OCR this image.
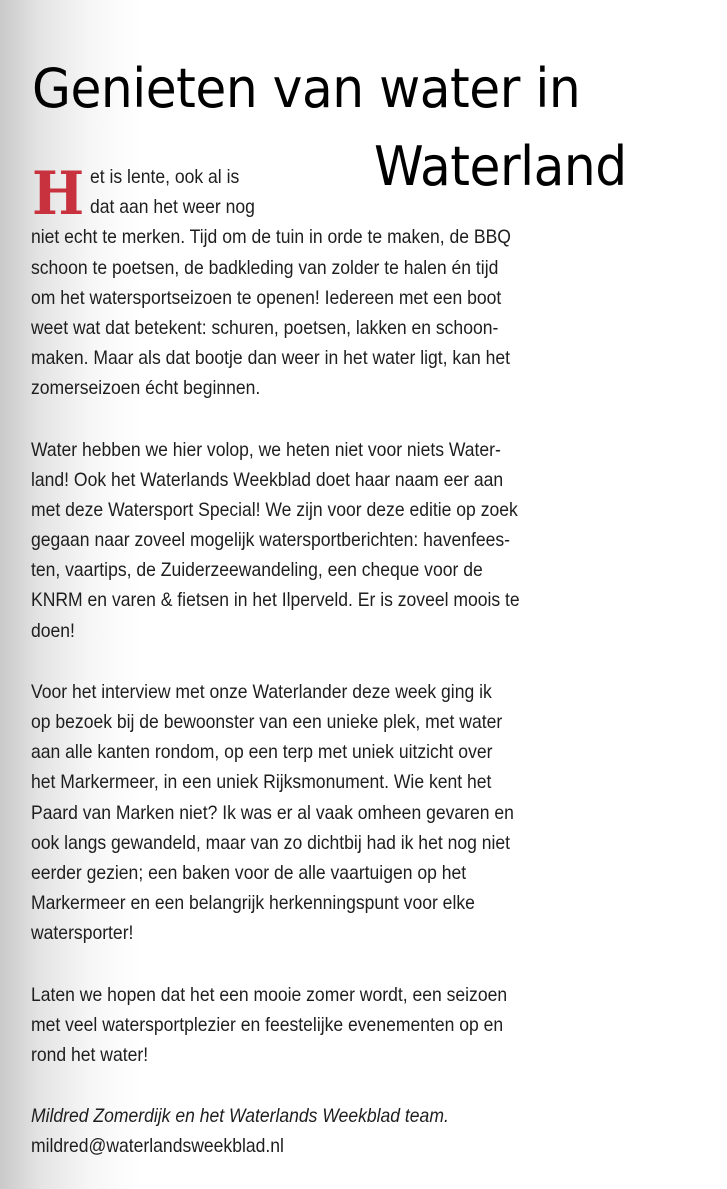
Genieten van water in
Waterland
H et is lente, ook al is
dat aan het weer nog
niet echt te merken. Tijd om de tuin in orde te maken, de BBQ
schoon te poetsen, de badkleding van zolder te halen én tijd
om het watersportseizoen te openen! Iedereen met een boot
weet wat dat betekent: schuren, poetsen, lakken en schoon-
maken. Maar als dat bootje dan weer in het water ligt, kan het
zomerseizoen écht beginnen.
Water hebben we hier volop, we heten niet voor niets Water-
land! Ook het Waterlands Weekblad doet haar naam eer aan
met deze Watersport Special! We zijn voor deze editie op zoek
gegaan naar zoveel mogelijk watersportberichten: havenfees-
ten, vaartips, de Zuiderzeewandeling, een cheque voor de
KNRM en varen & fietsen in het Ilperveld. Er is zoveel moois te
doen!
Voor het interview met onze Waterlander deze week ging ik
op bezoek bij de bewoonster van een unieke plek, met water
aan alle kanten rondom, op een terp met uniek uitzicht over
het Markermeer, in een uniek Rijksmonument. Wie kent het
Paard van Marken niet? Ik was er al vaak omheen gevaren en
ook langs gewandeld, maar van zo dichtbij had ik het nog niet
eerder gezien; een baken voor de alle vaartuigen op het
Markermeer en een belangrijk herkenningspunt voor elke
watersporter!
Laten we hopen dat het een mooie zomer wordt, een seizoen
met veel watersportplezier en feestelijke evenementen op en
rond het water!
Mildred Zomerdijk en het Waterlands Weekblad team.
mildred@waterlandsweekblad.nl
